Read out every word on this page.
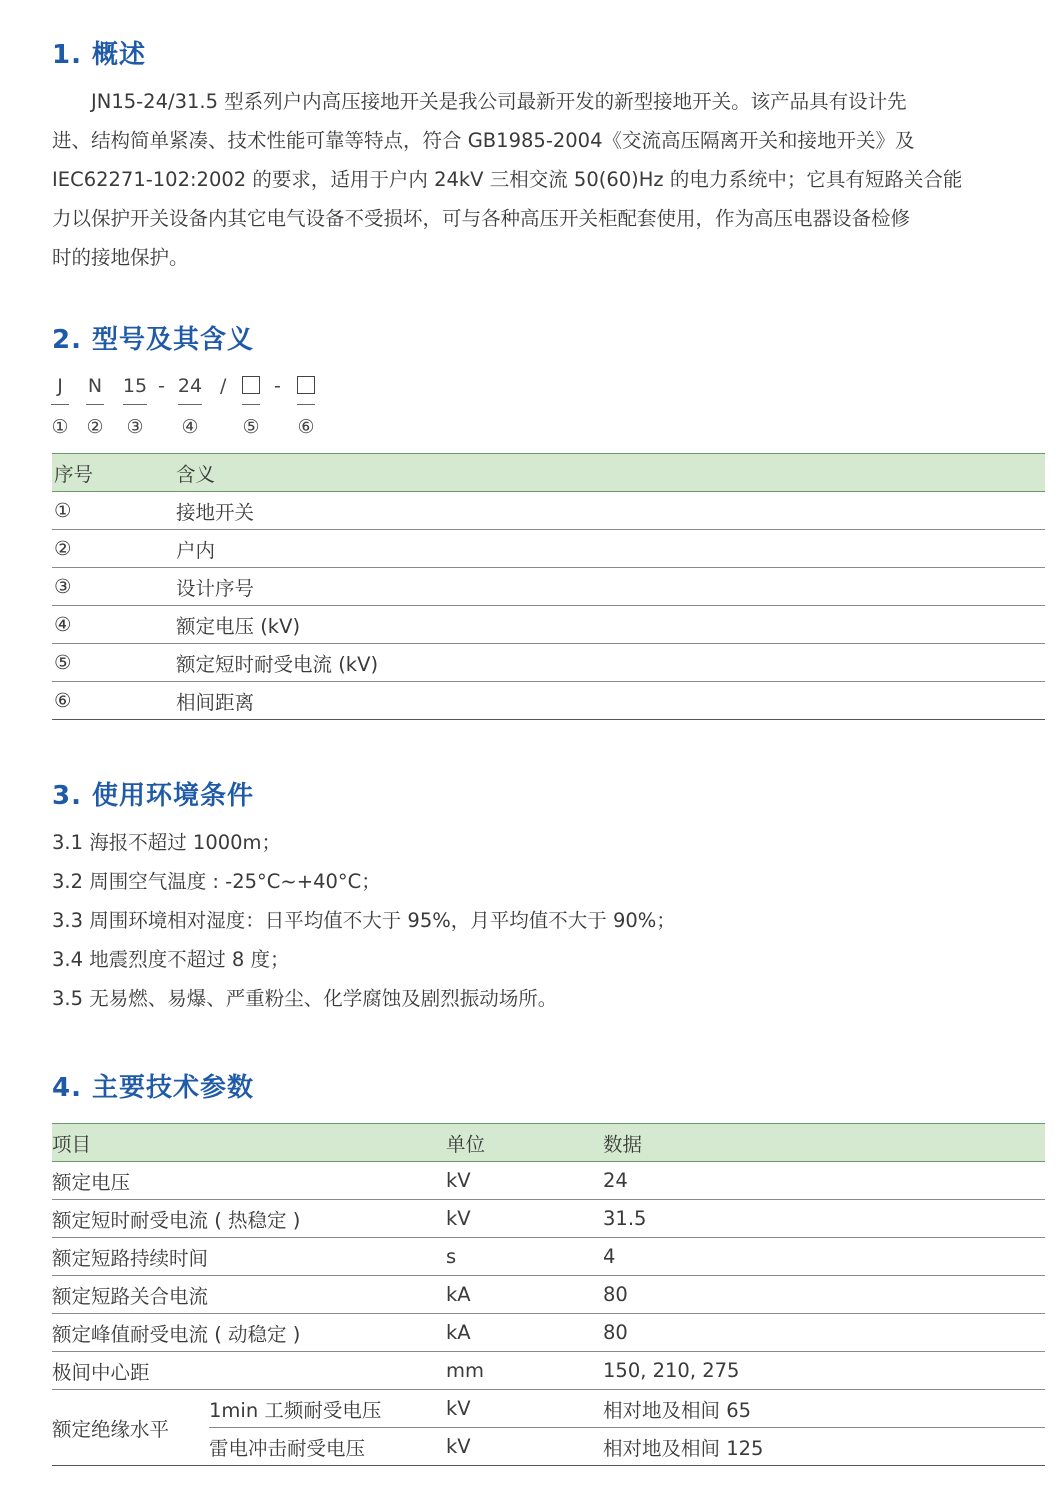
1. 概述
JN15-24/31.5 型系列户内高压接地开关是我公司最新开发的新型接地开关。该产品具有设计先
进、结构简单紧凑、技术性能可靠等特点，符合 GB1985-2004《交流高压隔离开关和接地开关》及
IEC62271-102:2002 的要求，适用于户内 24kV 三相交流 50(60)Hz 的电力系统中；它具有短路关合能
力以保护开关设备内其它电气设备不受损坏，可与各种高压开关柜配套使用，作为高压电器设备检修
时的接地保护。
2. 型号及其含义
J
①
N
②
15
③
- 24
④
/
⑤
-
⑥
序号	含义
①	接地开关
②	户内
③	设计序号
④	额定电压 (kV)
⑤	额定短时耐受电流 (kV)
⑥	相间距离
3. 使用环境条件
3.1 海报不超过 1000m；
3.2 周围空气温度 : -25°C~+40°C；
3.3 周围环境相对湿度：日平均值不大于 95%，月平均值不大于 90%；
3.4 地震烈度不超过 8 度；
3.5 无易燃、易爆、严重粉尘、化学腐蚀及剧烈振动场所。
4. 主要技术参数
项目		单位	数据
额定电压		kV	24
额定短时耐受电流 ( 热稳定 )		kV	31.5
额定短路持续时间		s	4
额定短路关合电流		kA	80
额定峰值耐受电流 ( 动稳定 )		kA	80
极间中心距		mm	150, 210, 275
额定绝缘水平	1min 工频耐受电压	kV	相对地及相间 65
	雷电冲击耐受电压	kV	相对地及相间 125
